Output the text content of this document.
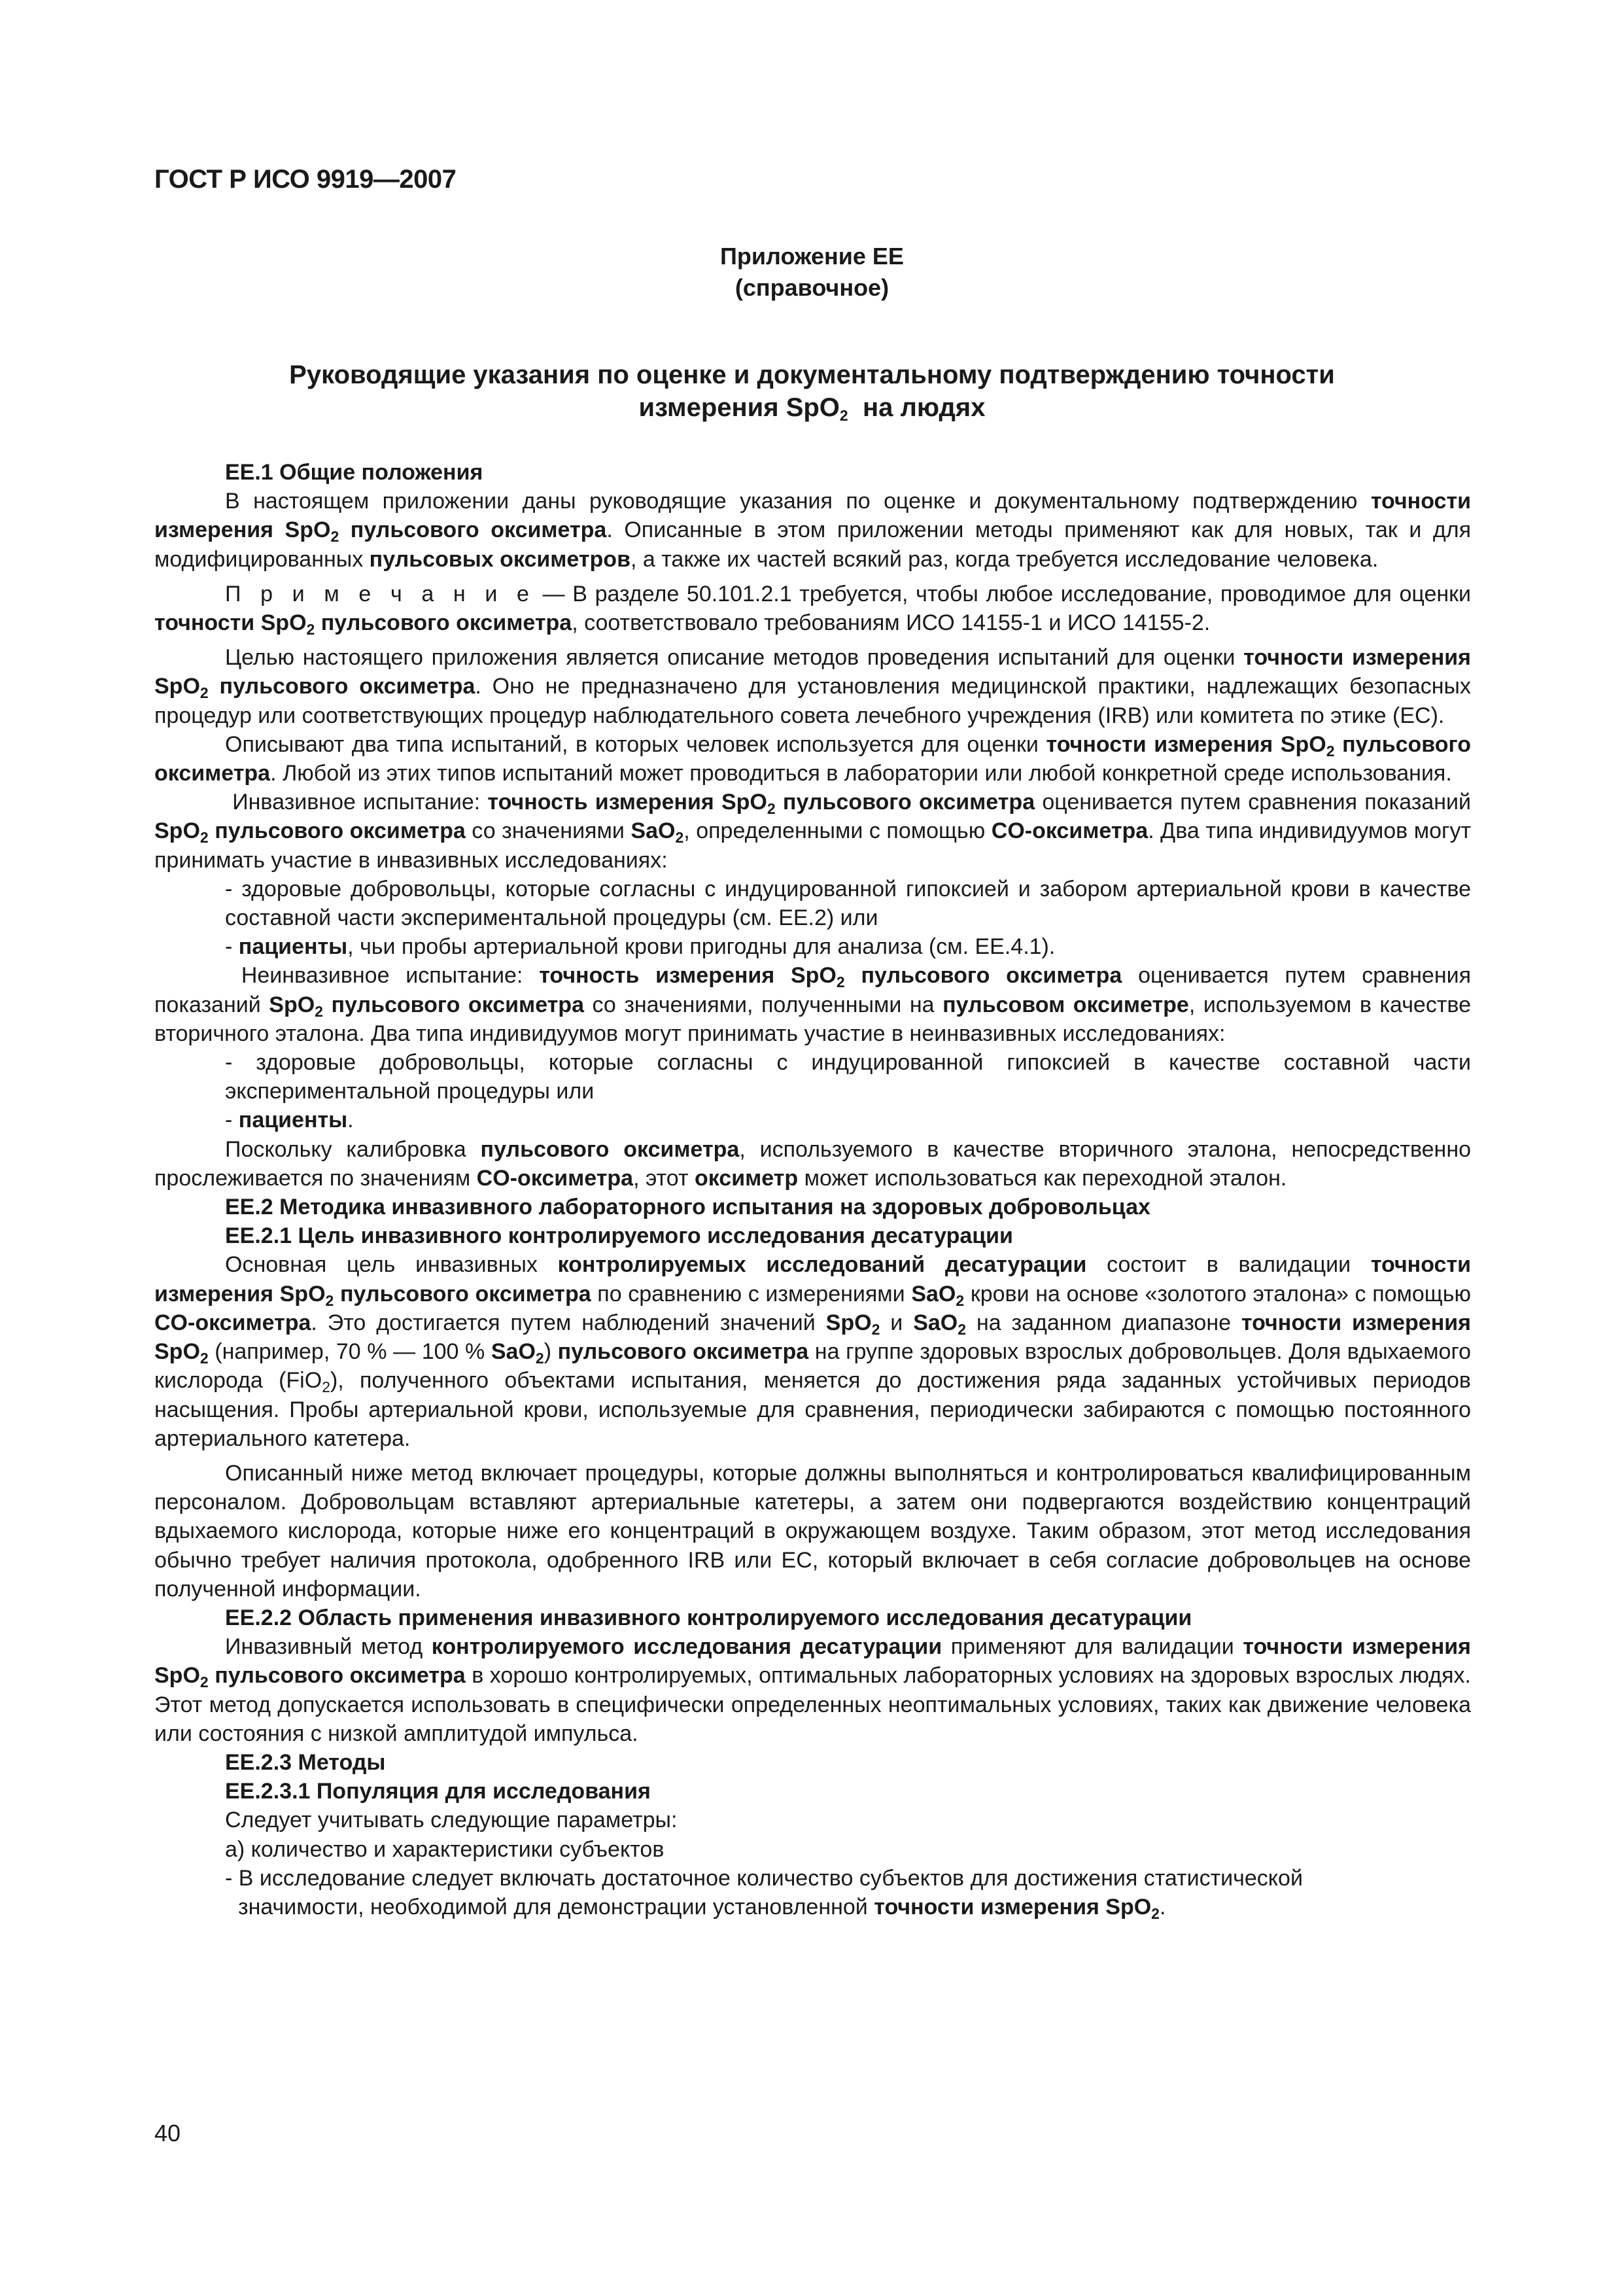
ГОСТ Р ИСО 9919—2007
Приложение ЕЕ
(справочное)
Руководящие указания по оценке и документальному подтверждению точности
измерения SpO$_2$  на людях

ЕЕ.1 Общие положения

В настоящем приложении даны руководящие указания по оценке и документальному подтверждению точности измерения SpO$_2$ пульсового оксиметра. Описанные в этом приложении методы применяют как для новых, так и для модифицированных пульсовых оксиметров, а также их частей всякий раз, когда требуется исследование человека.

П р и м е ч а н и е — В разделе 50.101.2.1 требуется, чтобы любое исследование, проводимое для оценки точности SpO$_2$ пульсового оксиметра, соответствовало требованиям ИСО 14155-1 и ИСО 14155-2.

Целью настоящего приложения является описание методов проведения испытаний для оценки точности измерения SpO$_2$ пульсового оксиметра. Оно не предназначено для установления медицинской практики, надлежащих безопасных процедур или соответствующих процедур наблюдательного совета лечебного учреждения (IRB) или комитета по этике (EC).

Описывают два типа испытаний, в которых человек используется для оценки точности измерения SpO$_2$ пульсового оксиметра. Любой из этих типов испытаний может проводиться в лаборатории или любой конкретной среде использования.

Инвазивное испытание: точность измерения SpO$_2$ пульсового оксиметра оценивается путем сравнения показаний SpO$_2$ пульсового оксиметра со значениями SaO$_2$, определенными с помощью CO-оксиметра. Два типа индивидуумов могут принимать участие в инвазивных исследованиях:

- здоровые добровольцы, которые согласны с индуцированной гипоксией и забором артериальной крови в качестве составной части экспериментальной процедуры (см. ЕЕ.2) или

- пациенты, чьи пробы артериальной крови пригодны для анализа (см. ЕЕ.4.1).

Неинвазивное испытание: точность измерения SpO$_2$ пульсового оксиметра оценивается путем сравнения показаний SpO$_2$ пульсового оксиметра со значениями, полученными на пульсовом оксиметре, используемом в качестве вторичного эталона. Два типа индивидуумов могут принимать участие в неинвазивных исследованиях:

- здоровые добровольцы, которые согласны с индуцированной гипоксией в качестве составной части экспериментальной процедуры или

- пациенты.

Поскольку калибровка пульсового оксиметра, используемого в качестве вторичного эталона, непосредственно прослеживается по значениям CO-оксиметра, этот оксиметр может использоваться как переходной эталон.

ЕЕ.2 Методика инвазивного лабораторного испытания на здоровых добровольцах

ЕЕ.2.1 Цель инвазивного контролируемого исследования десатурации

Основная цель инвазивных контролируемых исследований десатурации состоит в валидации точности измерения SpO$_2$ пульсового оксиметра по сравнению с измерениями SaO$_2$ крови на основе «золотого эталона» с помощью CO-оксиметра. Это достигается путем наблюдений значений SpO$_2$ и SaO$_2$ на заданном диапазоне точности измерения SpO$_2$ (например, 70 % — 100 % SaO$_2$) пульсового оксиметра на группе здоровых взрослых добровольцев. Доля вдыхаемого кислорода (FiO$_2$), полученного объектами испытания, меняется до достижения ряда заданных устойчивых периодов насыщения. Пробы артериальной крови, используемые для сравнения, периодически забираются с помощью постоянного артериального катетера.

Описанный ниже метод включает процедуры, которые должны выполняться и контролироваться квалифицированным персоналом. Добровольцам вставляют артериальные катетеры, а затем они подвергаются воздействию концентраций вдыхаемого кислорода, которые ниже его концентраций в окружающем воздухе. Таким образом, этот метод исследования обычно требует наличия протокола, одобренного IRB или EC, который включает в себя согласие добровольцев на основе полученной информации.

ЕЕ.2.2 Область применения инвазивного контролируемого исследования десатурации

Инвазивный метод контролируемого исследования десатурации применяют для валидации точности измерения SpO$_2$ пульсового оксиметра в хорошо контролируемых, оптимальных лабораторных условиях на здоровых взрослых людях. Этот метод допускается использовать в специфически определенных неоптимальных условиях, таких как движение человека или состояния с низкой амплитудой импульса.

ЕЕ.2.3 Методы

ЕЕ.2.3.1 Популяция для исследования

Следует учитывать следующие параметры:

а) количество и характеристики субъектов

- В исследование следует включать достаточное количество субъектов для достижения статистической
значимости, необходимой для демонстрации установленной точности измерения SpO$_2$.

40
